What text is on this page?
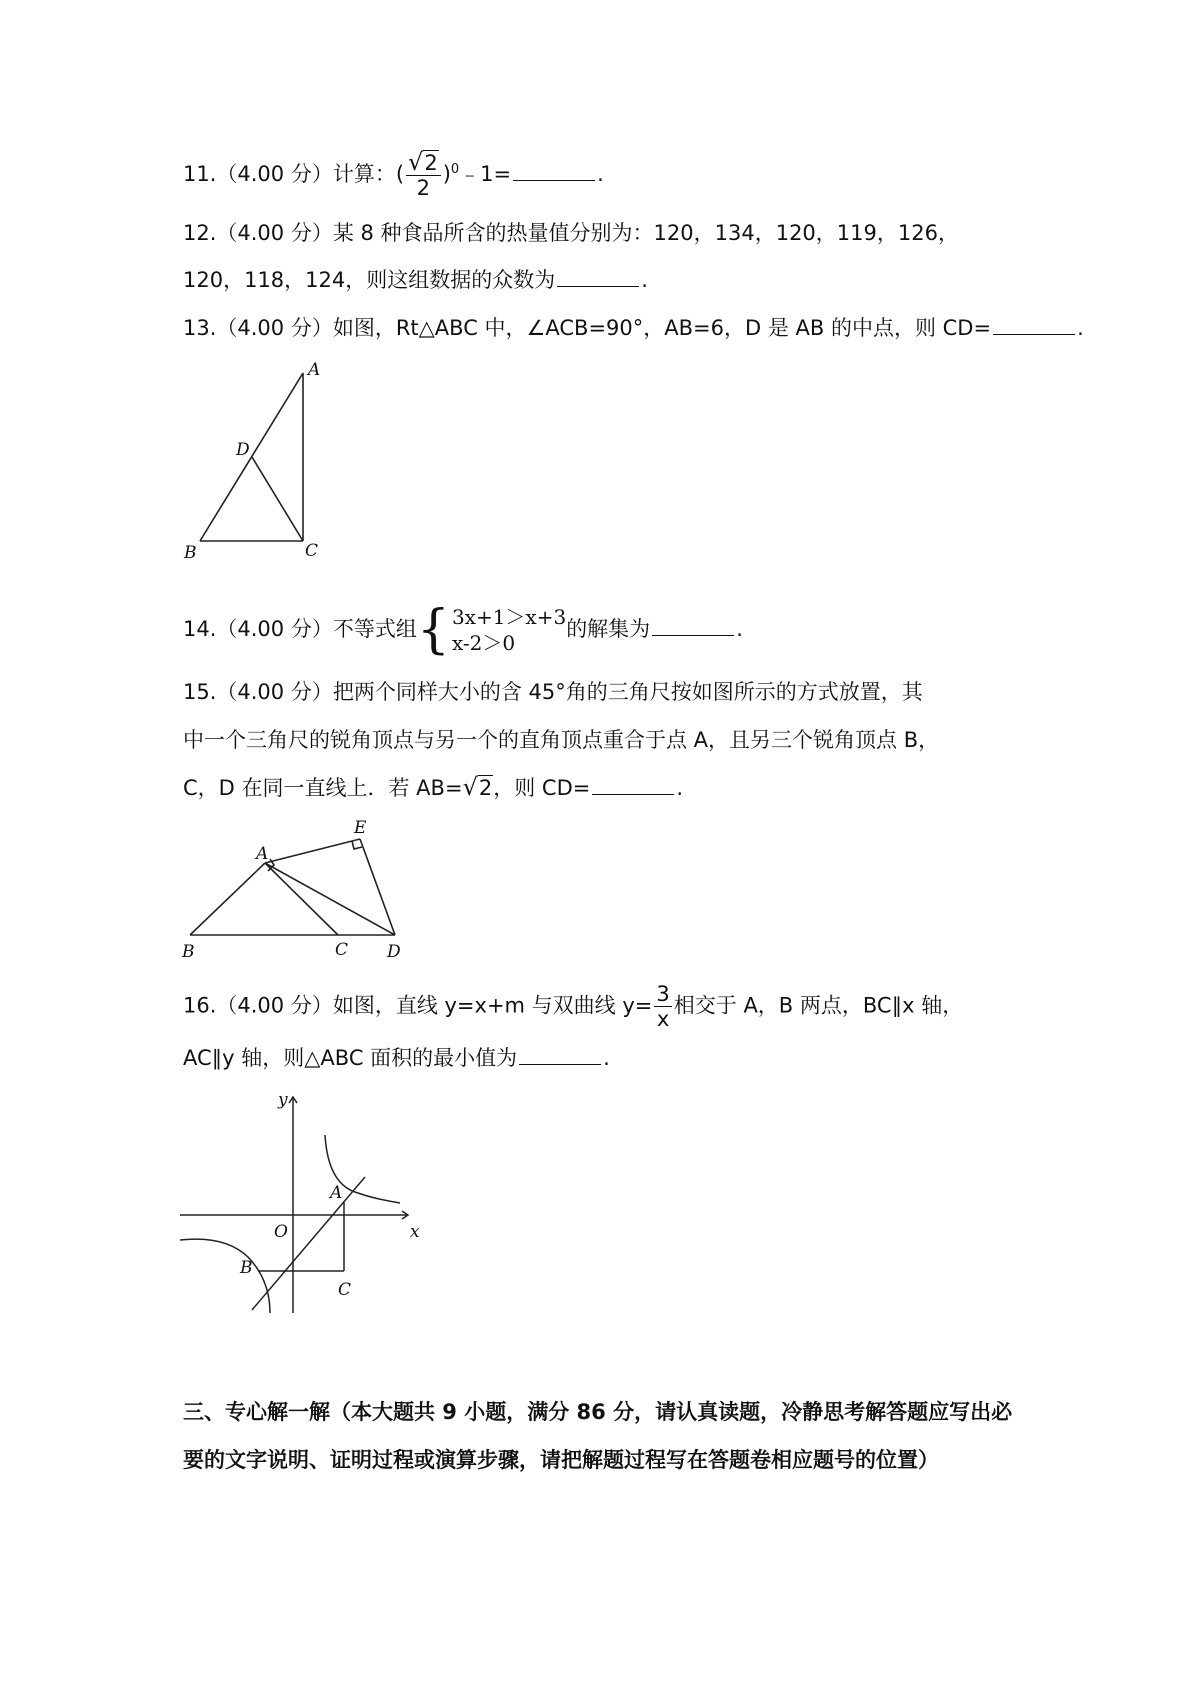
11.（4.00 分）计算：( $\frac{√ 2}{2}$ )$^0$﹣1=	.
12.（4.00 分）某 8 种食品所含的热量值分别为：120，134，120，119，126，
120，118，124，则这组数据的众数为	.
13.（4.00 分）如图，Rt△ABC 中，∠ACB=90°，AB=6，D 是 AB 的中点，则 CD=	.
A
D
B	C
14.（4.00 分）不等式组 { 3x+1＞x+3
x-2＞0
的解集为	.
15.（4.00 分）把两个同样大小的含 45°角的三角尺按如图所示的方式放置，其
中一个三角尺的锐角顶点与另一个的直角顶点重合于点 A，且另三个锐角顶点 B，
C，D 在同一直线上．若 AB= √ 2 ，则 CD=	.
E
A
B	C D
16.（4.00 分）如图，直线 y=x+m 与双曲线 $y= \frac{3}{x}$ 相交于 A，B 两点，BC∥x 轴，
AC∥y 轴，则△ABC 面积的最小值为	.
y
x
O
A
B
C
三、专心解一解（本大题共 9 小题，满分 86 分，请认真读题，冷静思考解答题应写出必要的文字说明、证明过程或演算步骤，请把解题过程写在答题卷相应题号的位置）
